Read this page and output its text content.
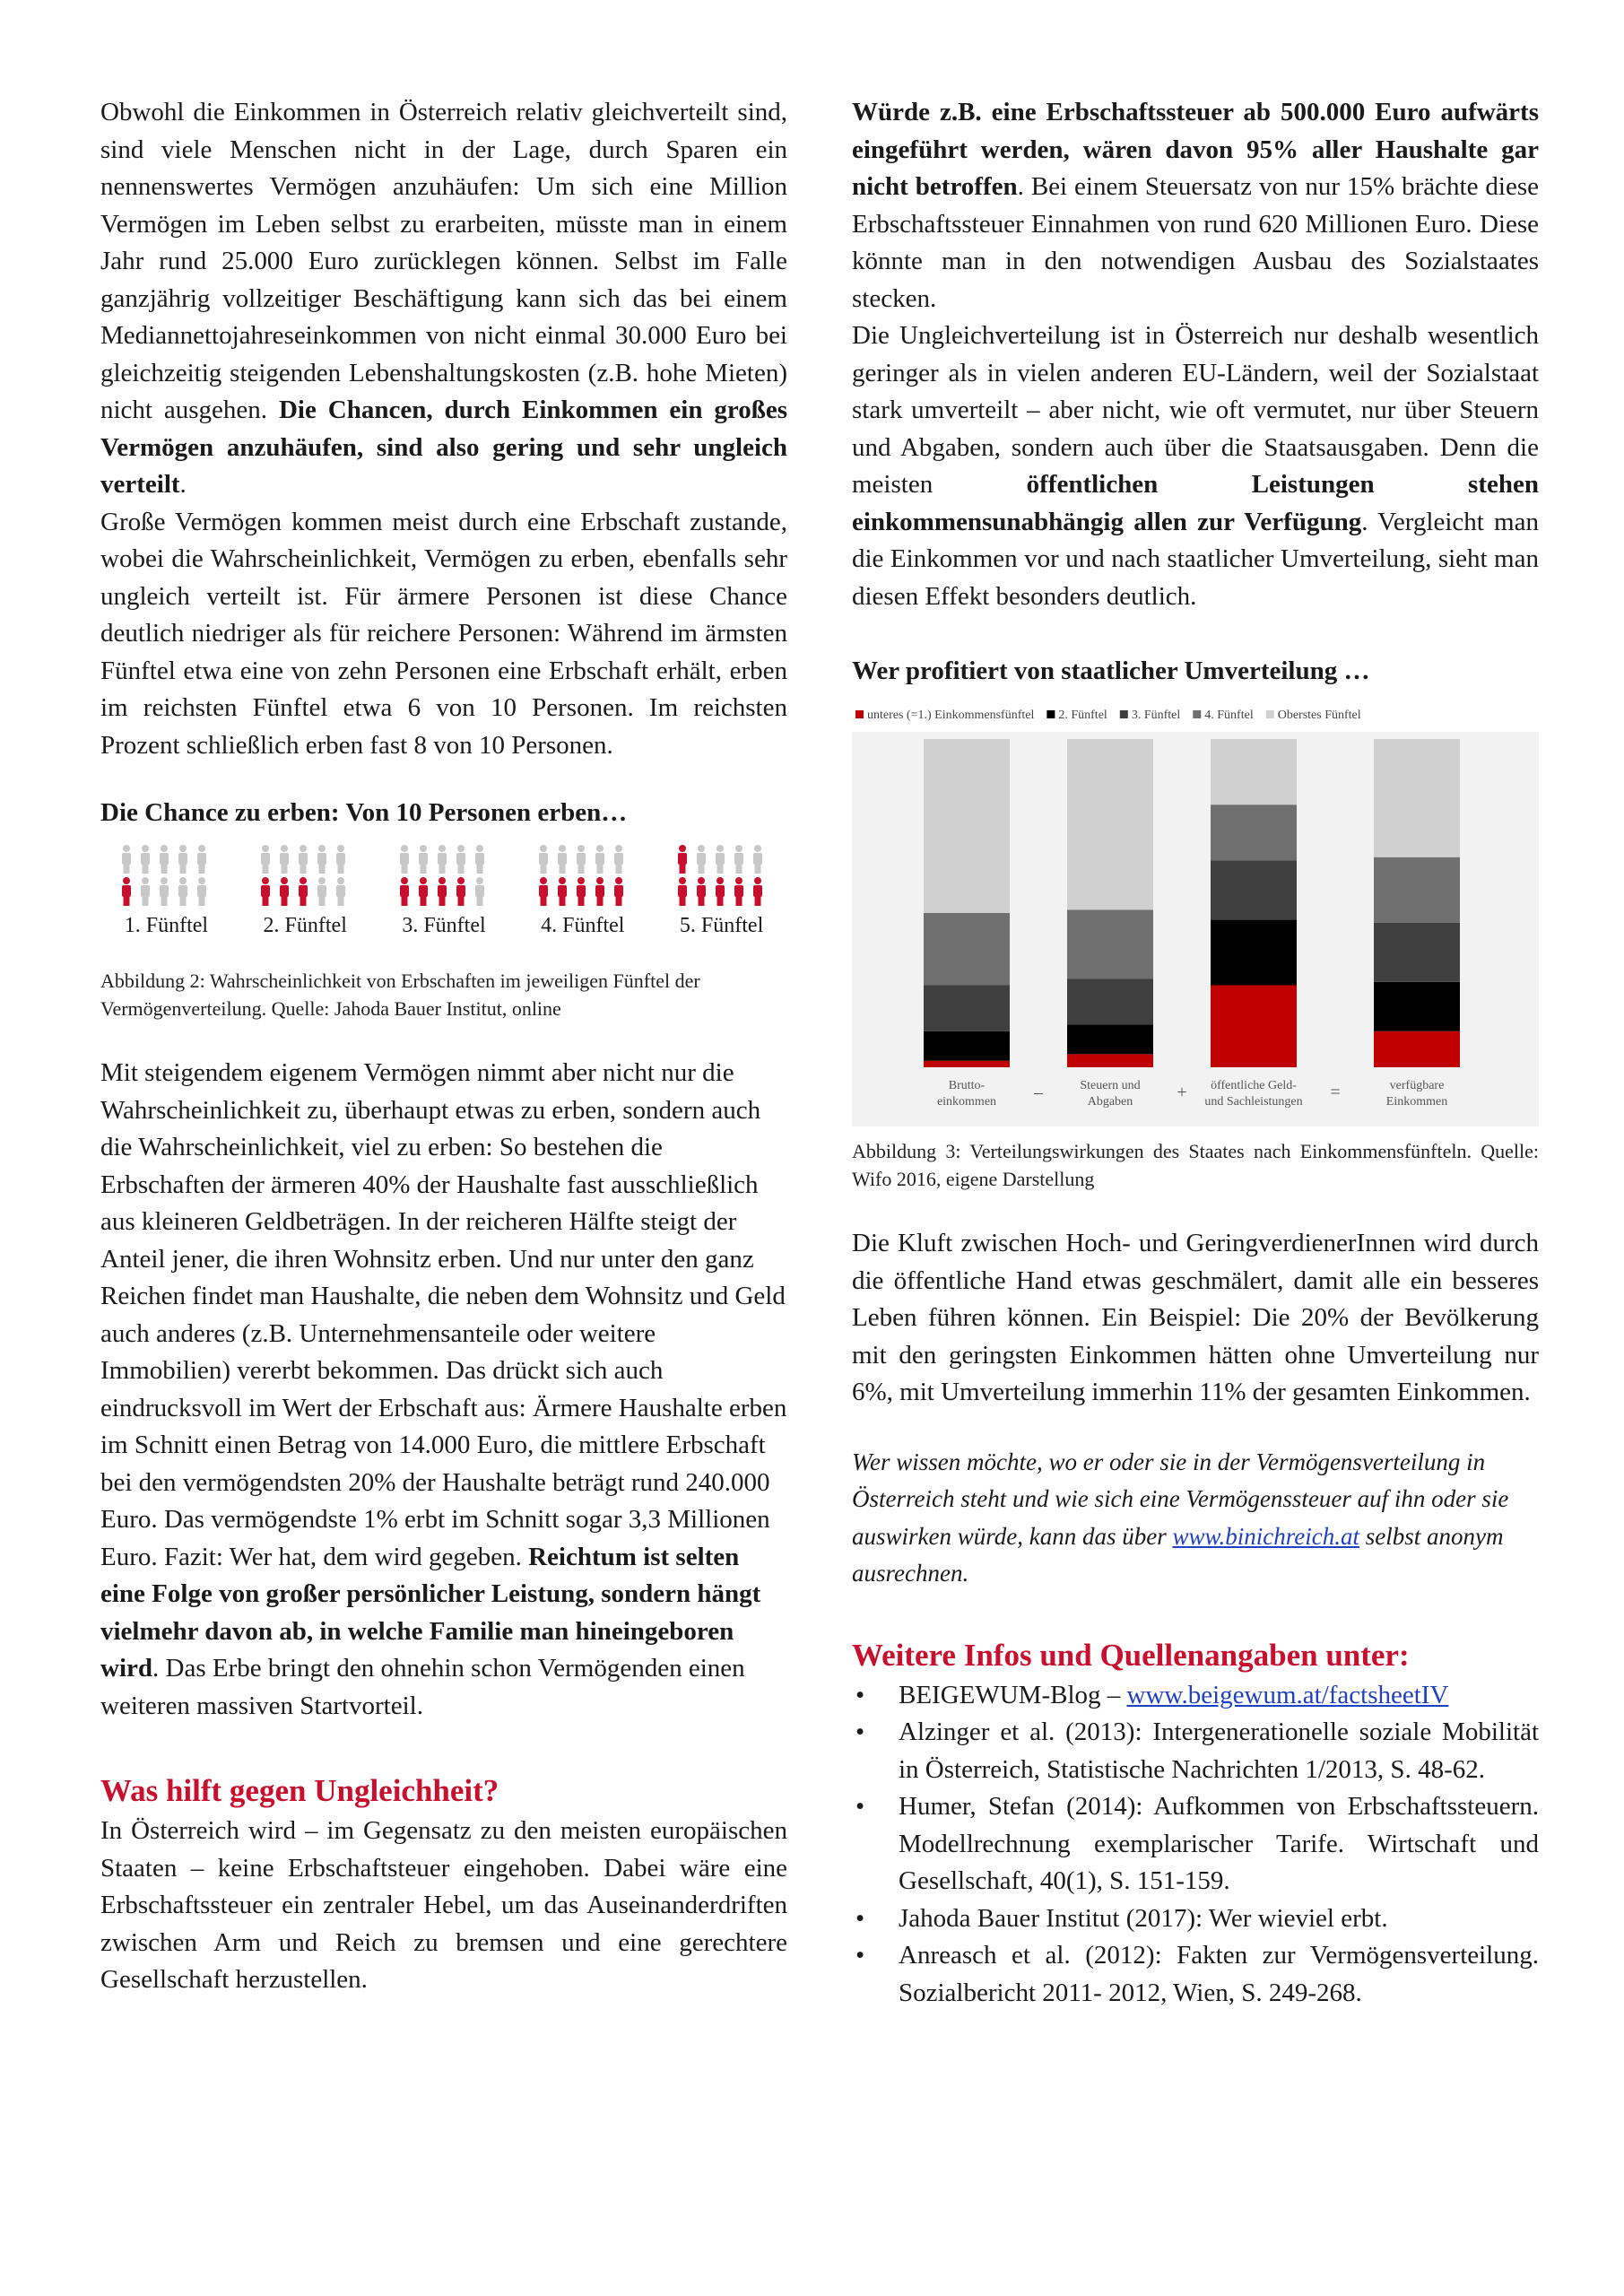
Obwohl die Einkommen in Österreich relativ gleichverteilt sind, sind viele Menschen nicht in der Lage, durch Sparen ein nennenswertes Vermögen anzuhäufen: Um sich eine Million Vermögen im Leben selbst zu erarbeiten, müsste man in einem Jahr rund 25.000 Euro zurücklegen können. Selbst im Falle ganzjährig vollzeitiger Beschäftigung kann sich das bei einem Mediannettojahreseinkommen von nicht einmal 30.000 Euro bei gleichzeitig steigenden Lebenshaltungskosten (z.B. hohe Mieten) nicht ausgehen. Die Chancen, durch Einkommen ein großes Vermögen anzuhäufen, sind also gering und sehr ungleich verteilt.

Große Vermögen kommen meist durch eine Erbschaft zustande, wobei die Wahrscheinlichkeit, Vermögen zu erben, ebenfalls sehr ungleich verteilt ist. Für ärmere Personen ist diese Chance deutlich niedriger als für reichere Personen: Während im ärmsten Fünftel etwa eine von zehn Personen eine Erbschaft erhält, erben im reichsten Fünftel etwa 6 von 10 Personen. Im reichsten Prozent schließlich erben fast 8 von 10 Personen.

Die Chance zu erben: Von 10 Personen erben…
1. Fünftel	2. Fünftel	3. Fünftel	4. Fünftel	5. Fünftel
Abbildung 2: Wahrscheinlichkeit von Erbschaften im jeweiligen Fünftel der Vermögenverteilung. Quelle: Jahoda Bauer Institut, online

Mit steigendem eigenem Vermögen nimmt aber nicht nur die Wahrscheinlichkeit zu, überhaupt etwas zu erben, sondern auch die Wahrscheinlichkeit, viel zu erben: So bestehen die Erbschaften der ärmeren 40% der Haushalte fast ausschließlich aus kleineren Geldbeträgen. In der reicheren Hälfte steigt der Anteil jener, die ihren Wohnsitz erben. Und nur unter den ganz Reichen findet man Haushalte, die neben dem Wohnsitz und Geld auch anderes (z.B. Unternehmensanteile oder weitere Immobilien) vererbt bekommen. Das drückt sich auch eindrucksvoll im Wert der Erbschaft aus: Ärmere Haushalte erben im Schnitt einen Betrag von 14.000 Euro, die mittlere Erbschaft bei den vermögendsten 20% der Haushalte beträgt rund 240.000 Euro. Das vermögendste 1% erbt im Schnitt sogar 3,3 Millionen Euro. Fazit: Wer hat, dem wird gegeben. Reichtum ist selten eine Folge von großer persönlicher Leistung, sondern hängt vielmehr davon ab, in welche Familie man hineingeboren wird. Das Erbe bringt den ohnehin schon Vermögenden einen weiteren massiven Startvorteil.

Was hilft gegen Ungleichheit?

In Österreich wird – im Gegensatz zu den meisten europäischen Staaten – keine Erbschaftsteuer eingehoben. Dabei wäre eine Erbschaftssteuer ein zentraler Hebel, um das Auseinanderdriften zwischen Arm und Reich zu bremsen und eine gerechtere Gesellschaft herzustellen.

Würde z.B. eine Erbschaftssteuer ab 500.000 Euro aufwärts eingeführt werden, wären davon 95% aller Haushalte gar nicht betroffen. Bei einem Steuersatz von nur 15% brächte diese Erbschaftssteuer Einnahmen von rund 620 Millionen Euro. Diese könnte man in den notwendigen Ausbau des Sozialstaates stecken.

Die Ungleichverteilung ist in Österreich nur deshalb wesentlich geringer als in vielen anderen EU-Ländern, weil der Sozialstaat stark umverteilt – aber nicht, wie oft vermutet, nur über Steuern und Abgaben, sondern auch über die Staatsausgaben. Denn die meisten öffentlichen Leistungen stehen einkommensunabhängig allen zur Verfügung. Vergleicht man die Einkommen vor und nach staatlicher Umverteilung, sieht man diesen Effekt besonders deutlich.

Wer profitiert von staatlicher Umverteilung …
unteres (=1.) Einkommensfünftel 2. Fünftel 3. Fünftel 4. Fünftel Oberstes Fünftel
Brutto-
einkommen
Steuern und
Abgaben
öffentliche Geld-
und Sachleistungen
verfügbare
Einkommen
–	+	=
Abbildung 3: Verteilungswirkungen des Staates nach Einkommensfünfteln. Quelle: Wifo 2016, eigene Darstellung

Die Kluft zwischen Hoch- und GeringverdienerInnen wird durch die öffentliche Hand etwas geschmälert, damit alle ein besseres Leben führen können. Ein Beispiel: Die 20% der Bevölkerung mit den geringsten Einkommen hätten ohne Umverteilung nur 6%, mit Umverteilung immerhin 11% der gesamten Einkommen.

Wer wissen möchte, wo er oder sie in der Vermögensverteilung in Österreich steht und wie sich eine Vermögenssteuer auf ihn oder sie auswirken würde, kann das über www.binichreich.at selbst anonym ausrechnen.

Weitere Infos und Quellenangaben unter:
• BEIGEWUM-Blog – www.beigewum.at/factsheetIV
• Alzinger et al. (2013): Intergenerationelle soziale Mobilität in Österreich, Statistische Nachrichten 1/2013, S. 48-62.
• Humer, Stefan (2014): Aufkommen von Erbschaftssteuern. Modellrechnung exemplarischer Tarife. Wirtschaft und Gesellschaft, 40(1), S. 151-159.
• Jahoda Bauer Institut (2017): Wer wieviel erbt.
• Anreasch et al. (2012): Fakten zur Vermögensverteilung. Sozialbericht 2011- 2012, Wien, S. 249-268.
